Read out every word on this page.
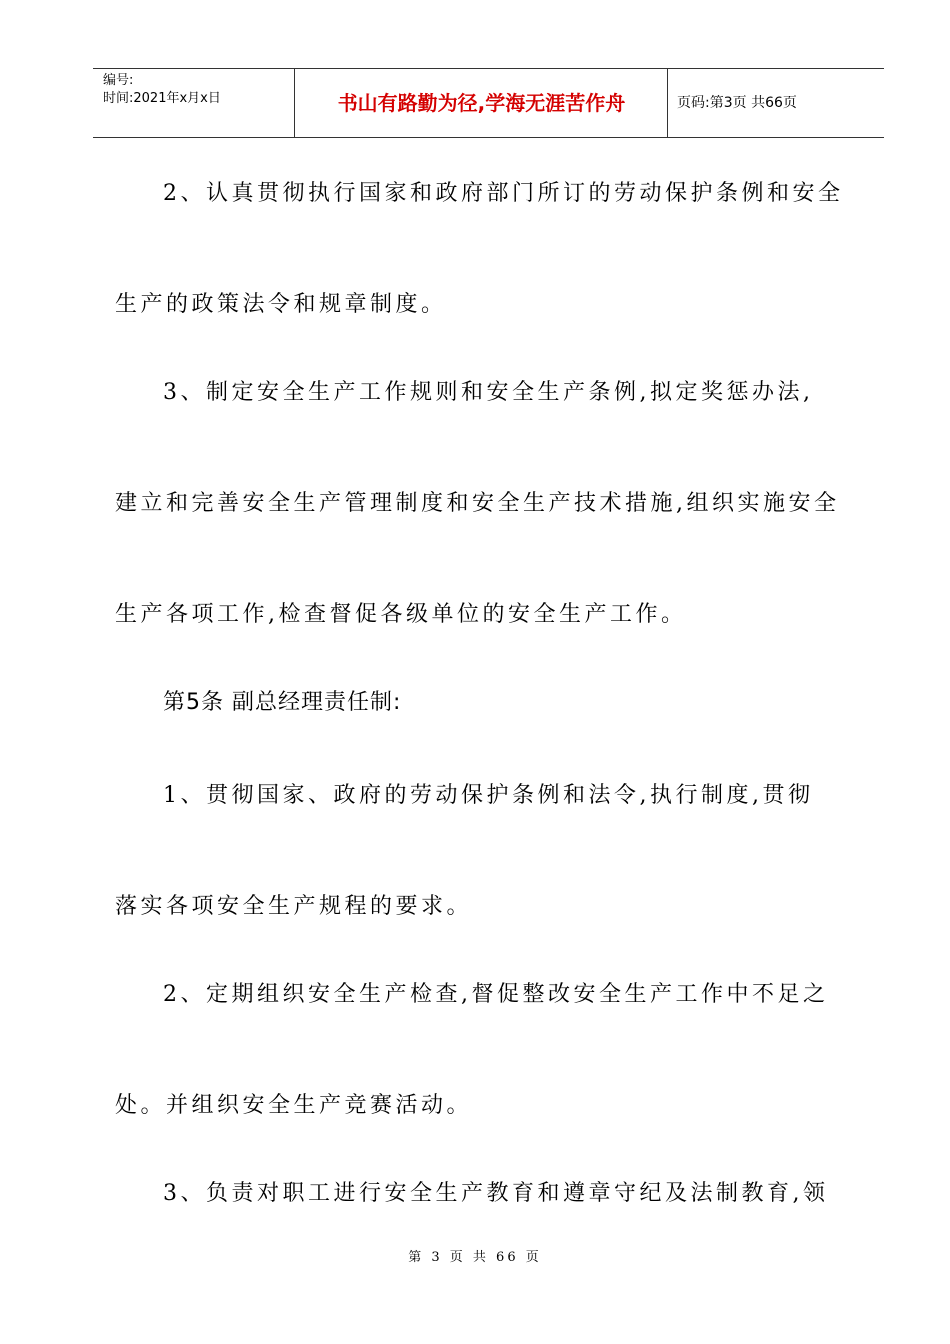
编号:
时间:2021年x月x日	书山有路勤为径,学海无涯苦作舟	页码:第3页 共66页
2、认真贯彻执行国家和政府部门所订的劳动保护条例和安全
生产的政策法令和规章制度。
3、制定安全生产工作规则和安全生产条例,拟定奖惩办法,
建立和完善安全生产管理制度和安全生产技术措施,组织实施安全
生产各项工作,检查督促各级单位的安全生产工作。
第5条 副总经理责任制:
1、贯彻国家、政府的劳动保护条例和法令,执行制度,贯彻
落实各项安全生产规程的要求。
2、定期组织安全生产检查,督促整改安全生产工作中不足之
处。并组织安全生产竞赛活动。
3、负责对职工进行安全生产教育和遵章守纪及法制教育,领
第 3 页 共 66 页
